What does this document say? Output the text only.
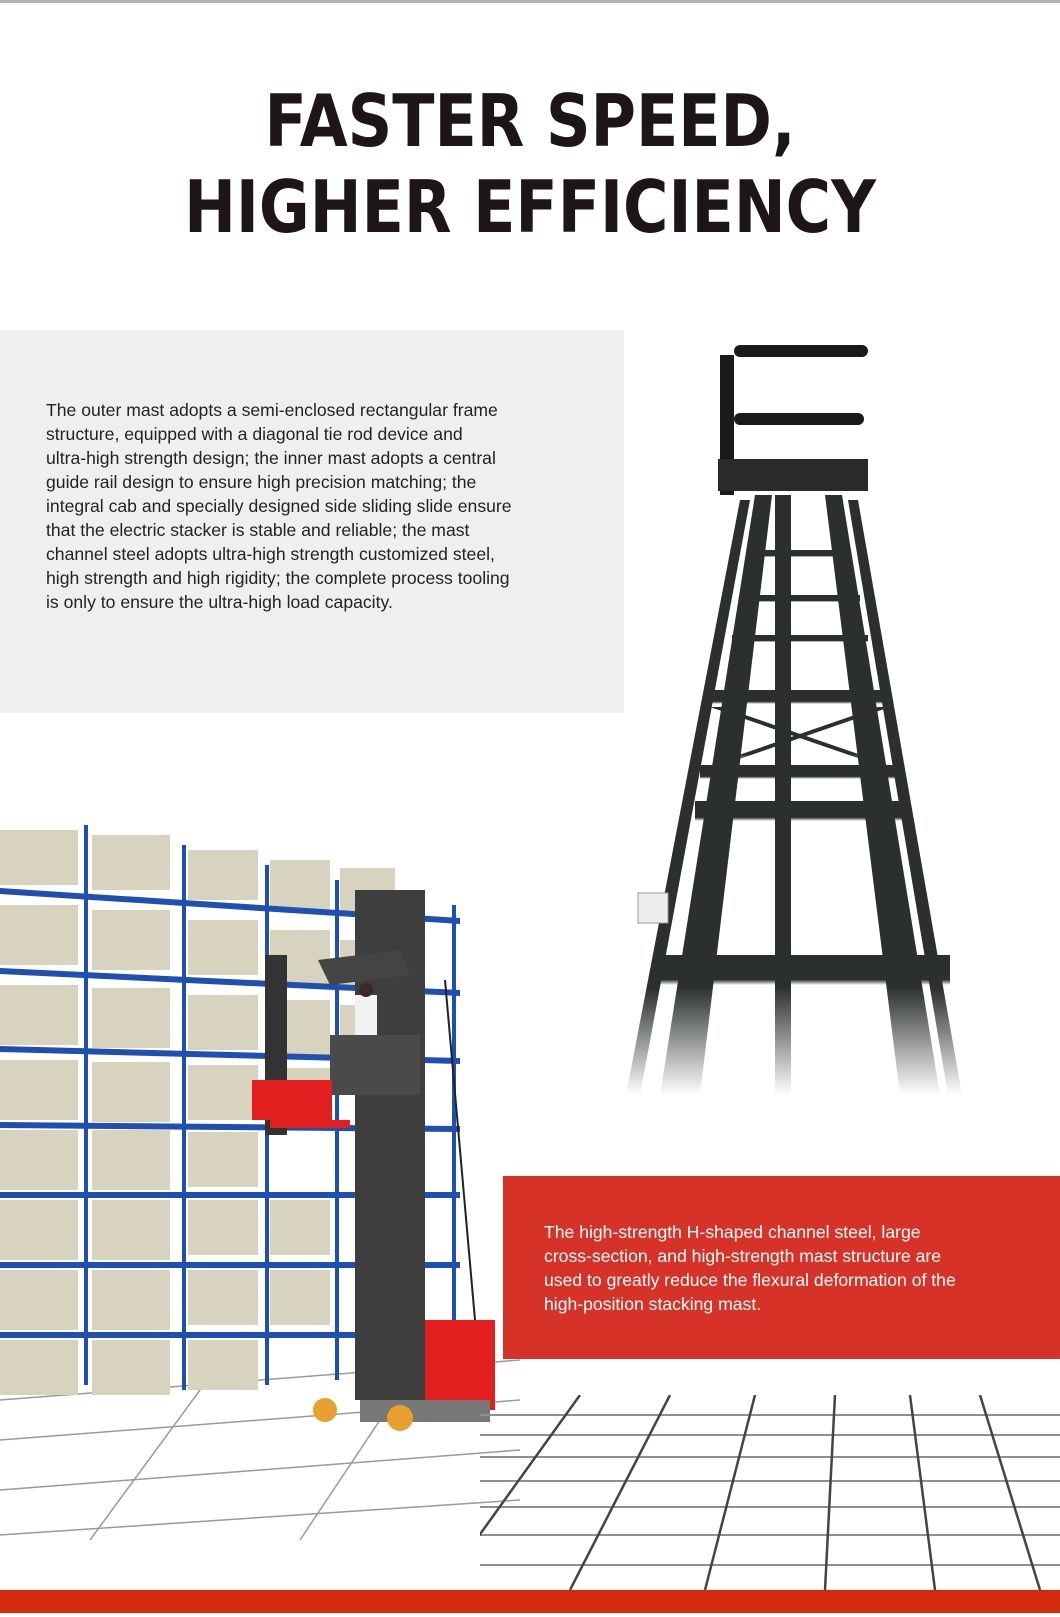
FASTER SPEED,
HIGHER EFFICIENCY
The outer mast adopts a semi-enclosed rectangular frame
structure, equipped with a diagonal tie rod device and
ultra-high strength design; the inner mast adopts a central
guide rail design to ensure high precision matching; the
integral cab and specially designed side sliding slide ensure
that the electric stacker is stable and reliable; the mast
channel steel adopts ultra-high strength customized steel,
high strength and high rigidity; the complete process tooling
is only to ensure the ultra-high load capacity.
The high-strength H-shaped channel steel, large
cross-section, and high-strength mast structure are
used to greatly reduce the flexural deformation of the
high-position stacking mast.
